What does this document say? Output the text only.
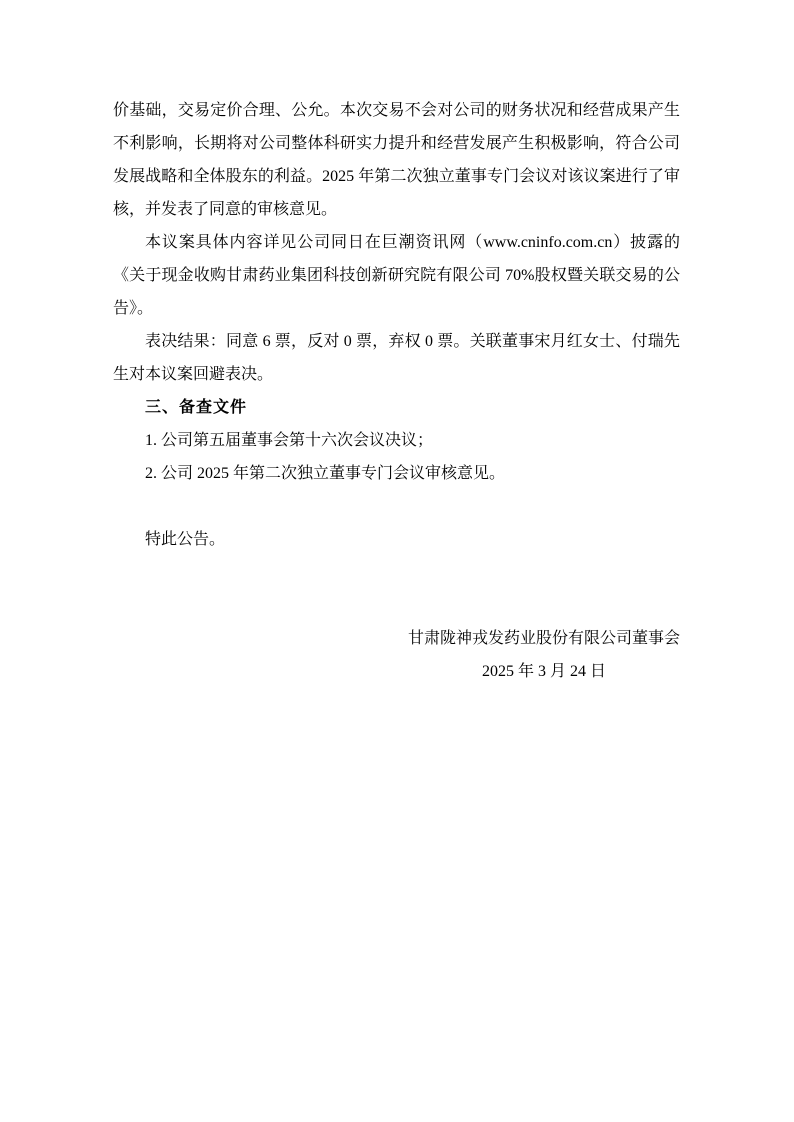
价基础，交易定价合理、公允。本次交易不会对公司的财务状况和经营成果产生不利影响，长期将对公司整体科研实力提升和经营发展产生积极影响，符合公司发展战略和全体股东的利益。2025 年第二次独立董事专门会议对该议案进行了审核，并发表了同意的审核意见。

本议案具体内容详见公司同日在巨潮资讯网（www.cninfo.com.cn）披露的《关于现金收购甘肃药业集团科技创新研究院有限公司 70%股权暨关联交易的公告》。

表决结果：同意 6 票，反对 0 票，弃权 0 票。关联董事宋月红女士、付瑞先生对本议案回避表决。

三、备查文件

1. 公司第五届董事会第十六次会议决议；

2. 公司 2025 年第二次独立董事专门会议审核意见。

特此公告。

甘肃陇神戎发药业股份有限公司董事会
2025 年 3 月 24 日
